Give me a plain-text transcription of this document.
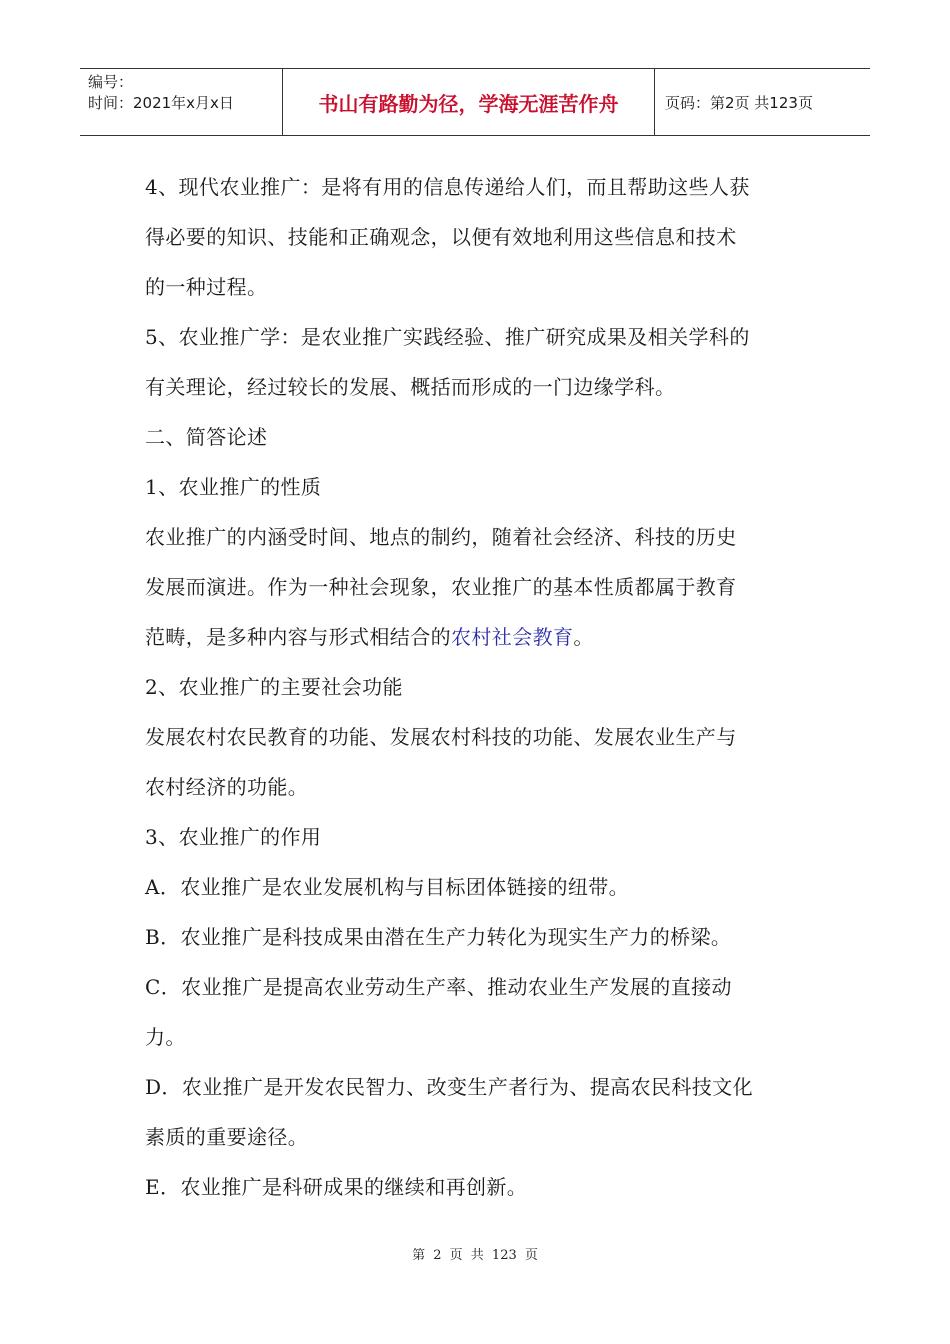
编号：
时间：2021年x月x日	书山有路勤为径，学海无涯苦作舟	页码：第2页 共123页
4、现代农业推广：是将有用的信息传递给人们，而且帮助这些人获
得必要的知识、技能和正确观念，以便有效地利用这些信息和技术
的一种过程。
5、农业推广学：是农业推广实践经验、推广研究成果及相关学科的
有关理论，经过较长的发展、概括而形成的一门边缘学科。
二、简答论述
1、农业推广的性质
农业推广的内涵受时间、地点的制约，随着社会经济、科技的历史
发展而演进。作为一种社会现象，农业推广的基本性质都属于教育
范畴，是多种内容与形式相结合的农村社会教育。
2、农业推广的主要社会功能
发展农村农民教育的功能、发展农村科技的功能、发展农业生产与
农村经济的功能。
3、农业推广的作用
A．农业推广是农业发展机构与目标团体链接的纽带。
B．农业推广是科技成果由潜在生产力转化为现实生产力的桥梁。
C．农业推广是提高农业劳动生产率、推动农业生产发展的直接动
力。
D．农业推广是开发农民智力、改变生产者行为、提高农民科技文化
素质的重要途径。
E．农业推广是科研成果的继续和再创新。
第 2 页 共 123 页
